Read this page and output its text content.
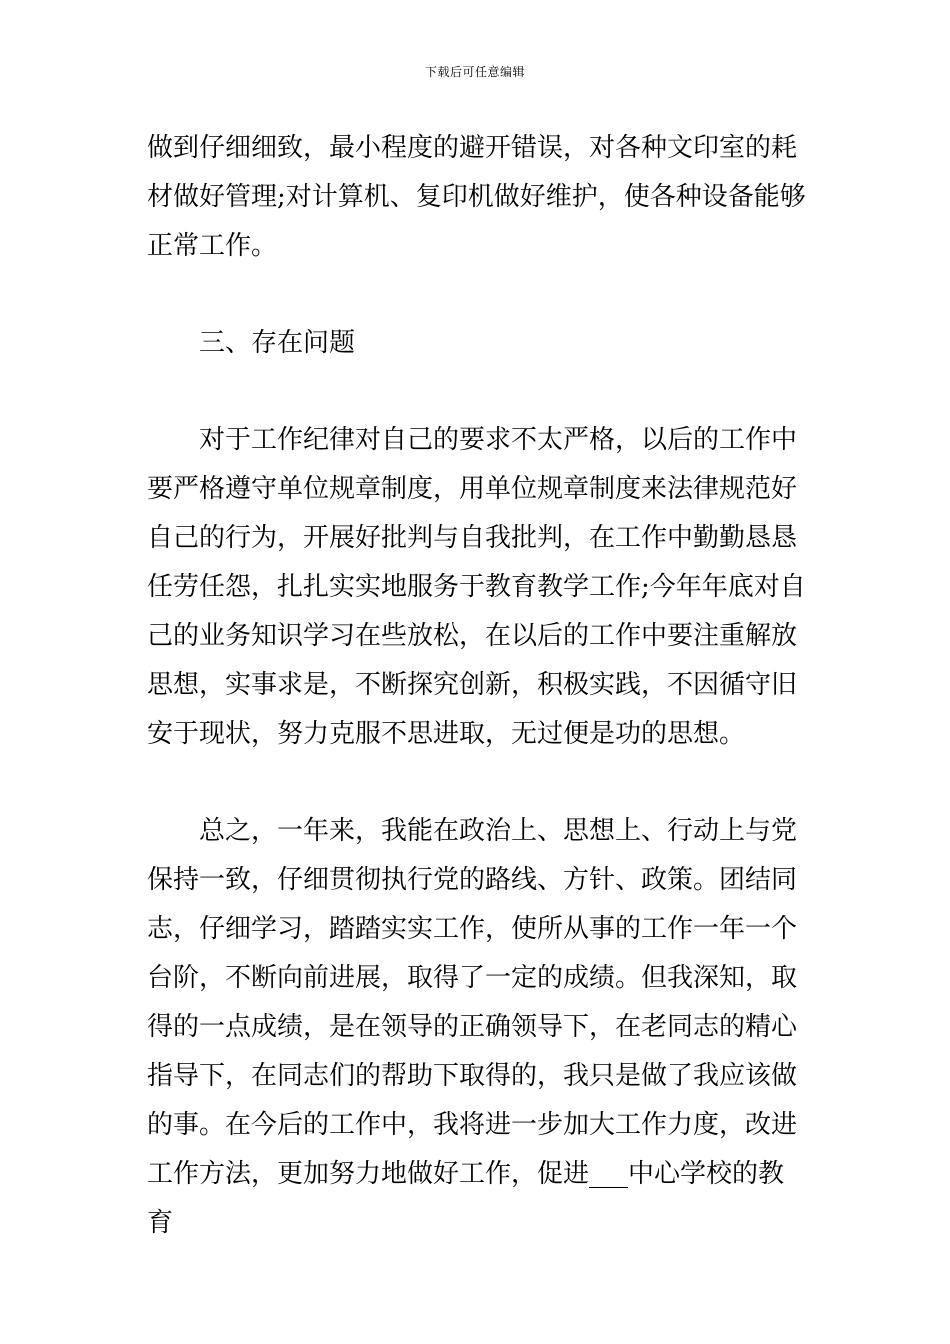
下载后可任意编辑

做到仔细细致，最小程度的避开错误，对各种文印室的耗
材做好管理;对计算机、复印机做好维护，使各种设备能够
正常工作。

　　三、存在问题

　　对于工作纪律对自己的要求不太严格，以后的工作中
要严格遵守单位规章制度，用单位规章制度来法律规范好
自己的行为，开展好批判与自我批判，在工作中勤勤恳恳
任劳任怨，扎扎实实地服务于教育教学工作;今年年底对自
己的业务知识学习在些放松，在以后的工作中要注重解放
思想，实事求是，不断探究创新，积极实践，不因循守旧
安于现状，努力克服不思进取，无过便是功的思想。

　　总之，一年来，我能在政治上、思想上、行动上与党
保持一致，仔细贯彻执行党的路线、方针、政策。团结同
志，仔细学习，踏踏实实工作，使所从事的工作一年一个
台阶，不断向前进展，取得了一定的成绩。但我深知，取
得的一点成绩，是在领导的正确领导下，在老同志的精心
指导下，在同志们的帮助下取得的，我只是做了我应该做
的事。在今后的工作中，我将进一步加大工作力度，改进
工作方法，更加努力地做好工作，促进___中心学校的教育
